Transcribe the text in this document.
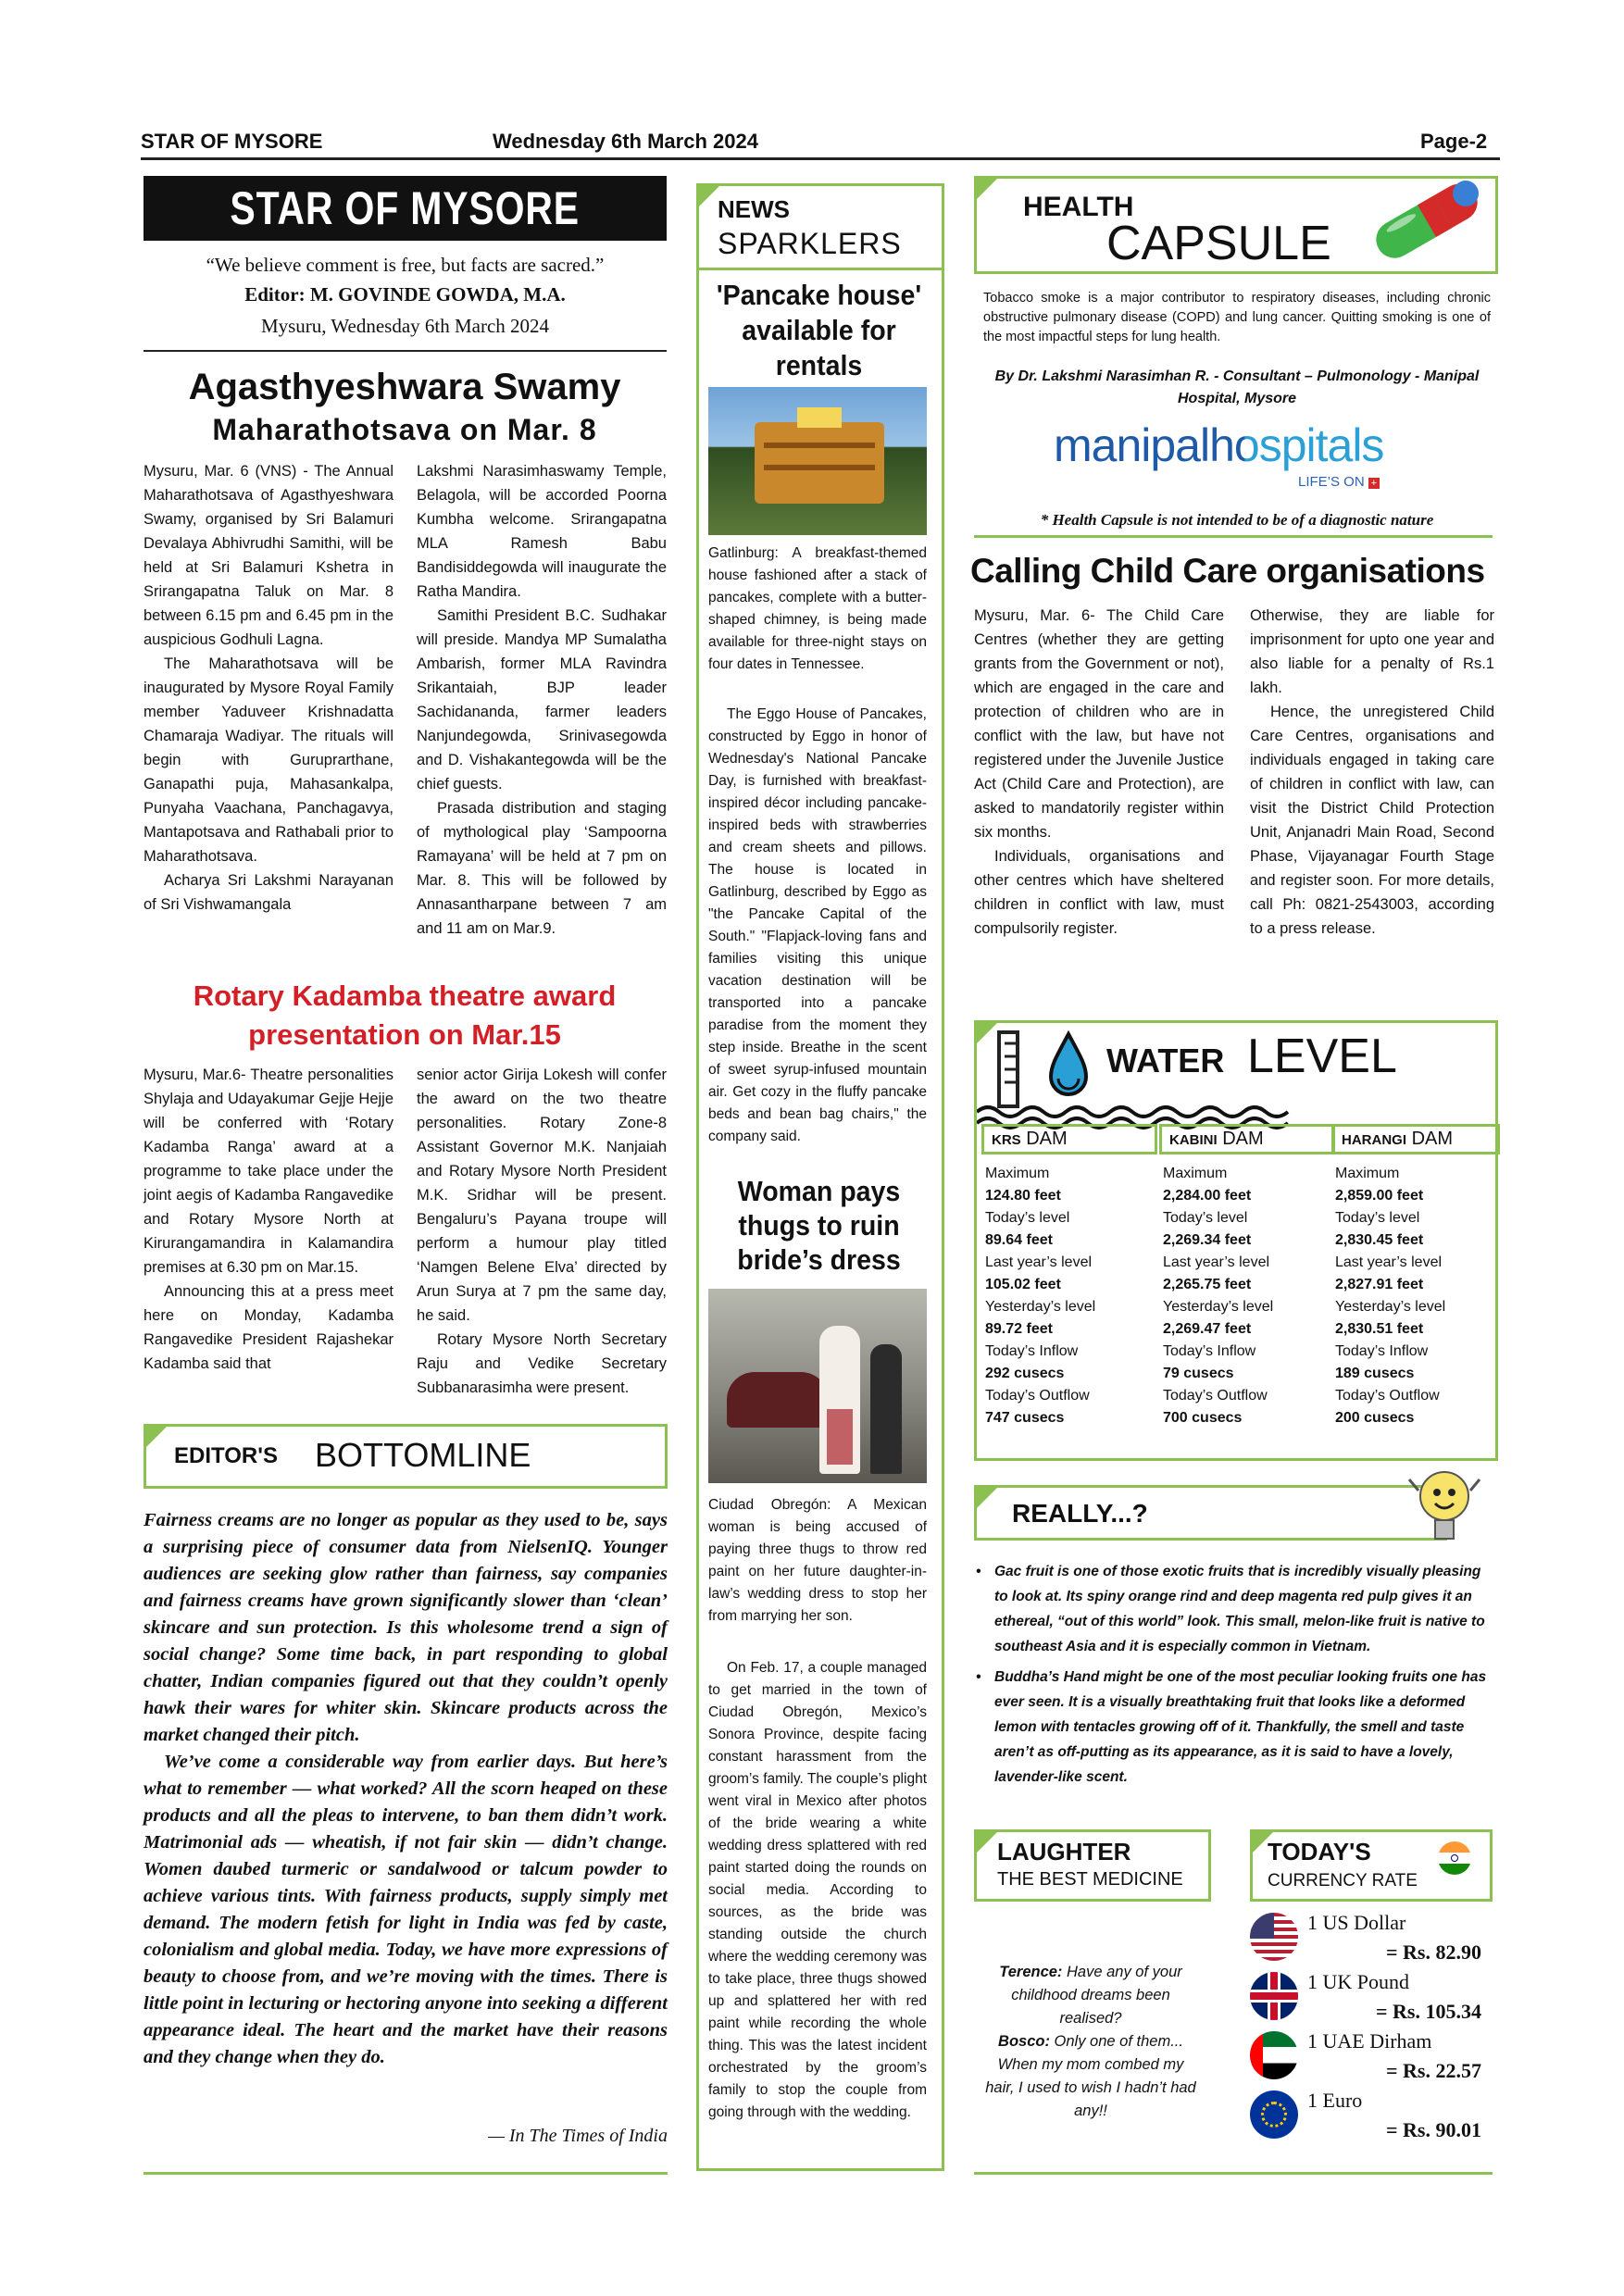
STAR OF MYSORE	Wednesday 6th March 2024	Page-2
STAR OF MYSORE
“We believe comment is free, but facts are sacred.”
Editor: M. GOVINDE GOWDA, M.A.
Mysuru, Wednesday 6th March 2024
Agasthyeshwara Swamy
Maharathotsava on Mar. 8

Mysuru, Mar. 6 (VNS) - The Annual Maharathotsava of Agasthyeshwara Swamy, organised by Sri Balamuri Devalaya Abhivrudhi Samithi, will be held at Sri Balamuri Kshetra in Srirangapatna Taluk on Mar. 8 between 6.15 pm and 6.45 pm in the auspicious Godhuli Lagna.

The Maharathotsava will be inaugurated by Mysore Royal Family member Yaduveer Krishnadatta Chamaraja Wadiyar. The rituals will begin with Guruprarthane, Ganapathi puja, Mahasankalpa, Punyaha Vaachana, Panchagavya, Mantapotsava and Rathabali prior to Maharathotsava.

Acharya Sri Lakshmi Narayanan of Sri Vishwamangala

Lakshmi Narasimhaswamy Temple, Belagola, will be accorded Poorna Kumbha welcome. Srirangapatna MLA Ramesh Babu Bandisiddegowda will inaugurate the Ratha Mandira.

Samithi President B.C. Sudhakar will preside. Mandya MP Sumalatha Ambarish, former MLA Ravindra Srikantaiah, BJP leader Sachidananda, farmer leaders Nanjundegowda, Srinivasegowda and D. Vishakantegowda will be the chief guests.

Prasada distribution and staging of mythological play ‘Sampoorna Ramayana’ will be held at 7 pm on Mar. 8. This will be followed by Annasantharpane between 7 am and 11 am on Mar.9.

Rotary Kadamba theatre award
presentation on Mar.15

Mysuru, Mar.6- Theatre personalities Shylaja and Udayakumar Gejje Hejje will be conferred with ‘Rotary Kadamba Ranga’ award at a programme to take place under the joint aegis of Kadamba Rangavedike and Rotary Mysore North at Kirurangamandira in Kalamandira premises at 6.30 pm on Mar.15.

Announcing this at a press meet here on Monday, Kadamba Rangavedike President Rajashekar Kadamba said that

senior actor Girija Lokesh will confer the award on the two theatre personalities. Rotary Zone-8 Assistant Governor M.K. Nanjaiah and Rotary Mysore North President M.K. Sridhar will be present. Bengaluru’s Payana troupe will perform a humour play titled ‘Namgen Belene Elva’ directed by Arun Surya at 7 pm the same day, he said.

Rotary Mysore North Secretary Raju and Vedike Secretary Subbanarasimha were present.

EDITOR'S BOTTOMLINE

Fairness creams are no longer as popular as they used to be, says a surprising piece of consumer data from NielsenIQ. Younger audiences are seeking glow rather than fairness, say companies and fairness creams have grown significantly slower than ‘clean’ skincare and sun protection. Is this wholesome trend a sign of social change? Some time back, in part responding to global chatter, Indian companies figured out that they couldn’t openly hawk their wares for whiter skin. Skincare products across the market changed their pitch.

We’ve come a considerable way from earlier days. But here’s what to remember — what worked? All the scorn heaped on these products and all the pleas to intervene, to ban them didn’t work. Matrimonial ads — wheatish, if not fair skin — didn’t change. Women daubed turmeric or sandalwood or talcum powder to achieve various tints. With fairness products, supply simply met demand. The modern fetish for light in India was fed by caste, colonialism and global media. Today, we have more expressions of beauty to choose from, and we’re moving with the times. There is little point in lecturing or hectoring anyone into seeking a different appearance ideal. The heart and the market have their reasons and they change when they do.

— In The Times of India
NEWS
SPARKLERS
'Pancake house' available for rentals
Gatlinburg: A breakfast-themed house fashioned after a stack of pancakes, complete with a butter-shaped chimney, is being made available for three-night stays on four dates in Tennessee.
The Eggo House of Pancakes, constructed by Eggo in honor of Wednesday's National Pancake Day, is furnished with breakfast-inspired décor including pancake-inspired beds with strawberries and cream sheets and pillows. The house is located in Gatlinburg, described by Eggo as "the Pancake Capital of the South." "Flapjack-loving fans and families visiting this unique vacation destination will be transported into a pancake paradise from the moment they step inside. Breathe in the scent of sweet syrup-infused mountain air. Get cozy in the fluffy pancake beds and bean bag chairs," the company said.
Woman pays thugs to ruin bride’s dress
Ciudad Obregón: A Mexican woman is being accused of paying three thugs to throw red paint on her future daughter-in-law’s wedding dress to stop her from marrying her son.
On Feb. 17, a couple managed to get married in the town of Ciudad Obregón, Mexico’s Sonora Province, despite facing constant harassment from the groom’s family. The couple’s plight went viral in Mexico after photos of the bride wearing a white wedding dress splattered with red paint started doing the rounds on social media. According to sources, as the bride was standing outside the church where the wedding ceremony was to take place, three thugs showed up and splattered her with red paint while recording the whole thing. This was the latest incident orchestrated by the groom’s family to stop the couple from going through with the wedding.
HEALTH
CAPSULE
Tobacco smoke is a major contributor to respiratory diseases, including chronic obstructive pulmonary disease (COPD) and lung cancer. Quitting smoking is one of the most impactful steps for lung health.
By Dr. Lakshmi Narasimhan R. - Consultant – Pulmonology - Manipal Hospital, Mysore
manipalhospitals
LIFE’S ON +
* Health Capsule is not intended to be of a diagnostic nature
Calling Child Care organisations

Mysuru, Mar. 6- The Child Care Centres (whether they are getting grants from the Government or not), which are engaged in the care and protection of children who are in conflict with the law, but have not registered under the Juvenile Justice Act (Child Care and Protection), are asked to mandatorily register within six months.

Individuals, organisations and other centres which have sheltered children in conflict with law, must compulsorily register.

Otherwise, they are liable for imprisonment for upto one year and also liable for a penalty of Rs.1 lakh.

Hence, the unregistered Child Care Centres, organisations and individuals engaged in taking care of children in conflict with law, can visit the District Child Protection Unit, Anjanadri Main Road, Second Phase, Vijayanagar Fourth Stage and register soon. For more details, call Ph: 0821-2543003, according to a press release.

WATER LEVEL
KRS DAM
Maximum
124.80 feet
Today’s level
89.64 feet
Last year’s level
105.02 feet
Yesterday’s level
89.72 feet
Today’s Inflow
292 cusecs
Today’s Outflow
747 cusecs
KABINI DAM
Maximum
2,284.00 feet
Today’s level
2,269.34 feet
Last year’s level
2,265.75 feet
Yesterday’s level
2,269.47 feet
Today’s Inflow
79 cusecs
Today’s Outflow
700 cusecs
HARANGI DAM
Maximum
2,859.00 feet
Today’s level
2,830.45 feet
Last year’s level
2,827.91 feet
Yesterday’s level
2,830.51 feet
Today’s Inflow
189 cusecs
Today’s Outflow
200 cusecs
REALLY...?
• Gac fruit is one of those exotic fruits that is incredibly visually pleasing to look at. Its spiny orange rind and deep magenta red pulp gives it an ethereal, “out of this world” look. This small, melon-like fruit is native to southeast Asia and it is especially common in Vietnam.
• Buddha’s Hand might be one of the most peculiar looking fruits one has ever seen. It is a visually breathtaking fruit that looks like a deformed lemon with tentacles growing off of it. Thankfully, the smell and taste aren’t as off-putting as its appearance, as it is said to have a lovely, lavender-like scent.
LAUGHTER
THE BEST MEDICINE
Terence: Have any of your childhood dreams been realised?
Bosco: Only one of them... When my mom combed my hair, I used to wish I hadn’t had any!!
TODAY'S
CURRENCY RATE
1 US Dollar
= Rs. 82.90
1 UK Pound
= Rs. 105.34
1 UAE Dirham
= Rs. 22.57
1 Euro
= Rs. 90.01
